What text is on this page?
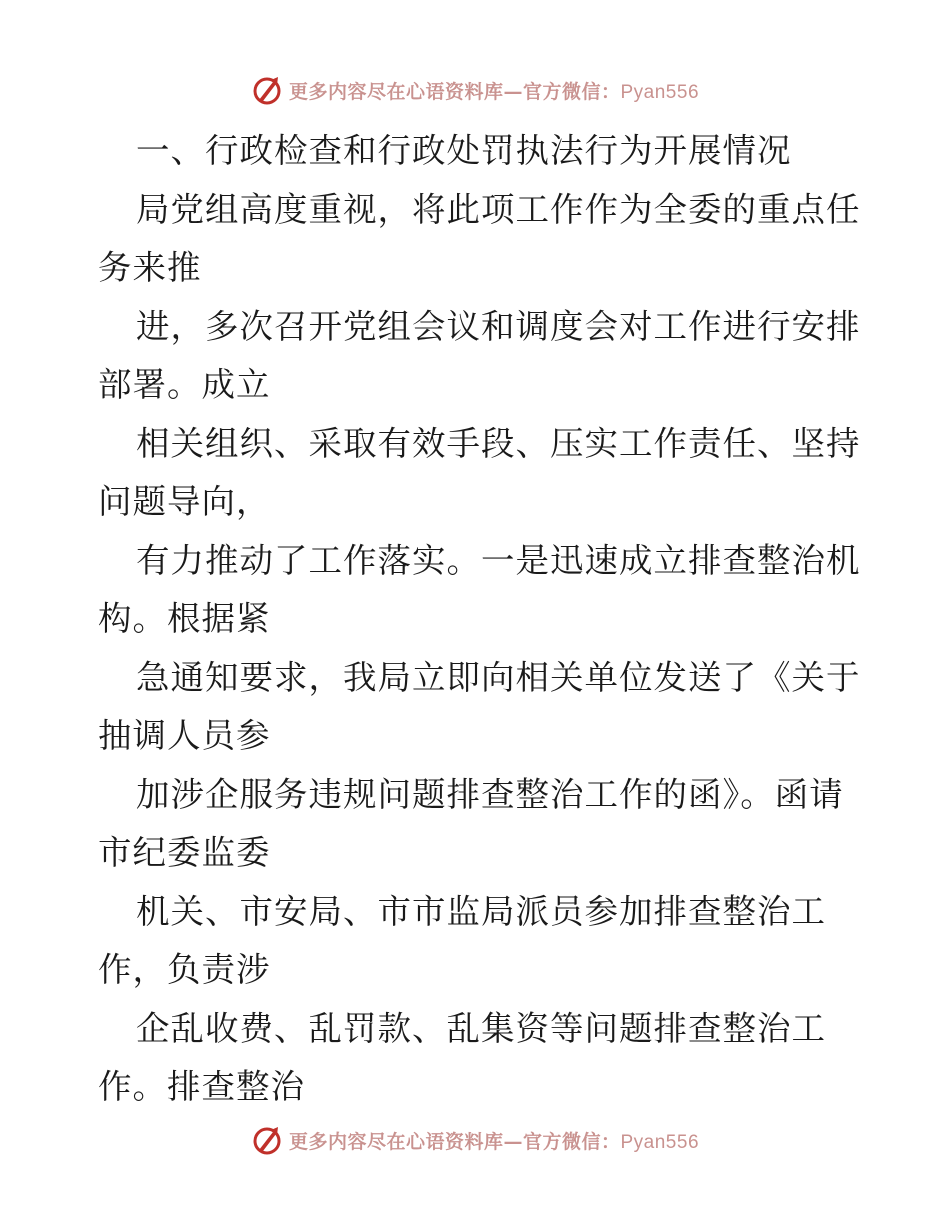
更多内容尽在心语资料库—官方微信：Pyan556
一、行政检查和行政处罚执法行为开展情况
局党组高度重视，将此项工作作为全委的重点任
务来推
进，多次召开党组会议和调度会对工作进行安排
部署。成立
相关组织、采取有效手段、压实工作责任、坚持
问题导向，
有力推动了工作落实。一是迅速成立排查整治机
构。根据紧
急通知要求，我局立即向相关单位发送了《关于
抽调人员参
加涉企服务违规问题排查整治工作的函》。函请
市纪委监委
机关、市安局、市市监局派员参加排查整治工
作，负责涉
企乱收费、乱罚款、乱集资等问题排查整治工
作。排查整治
更多内容尽在心语资料库—官方微信：Pyan556
